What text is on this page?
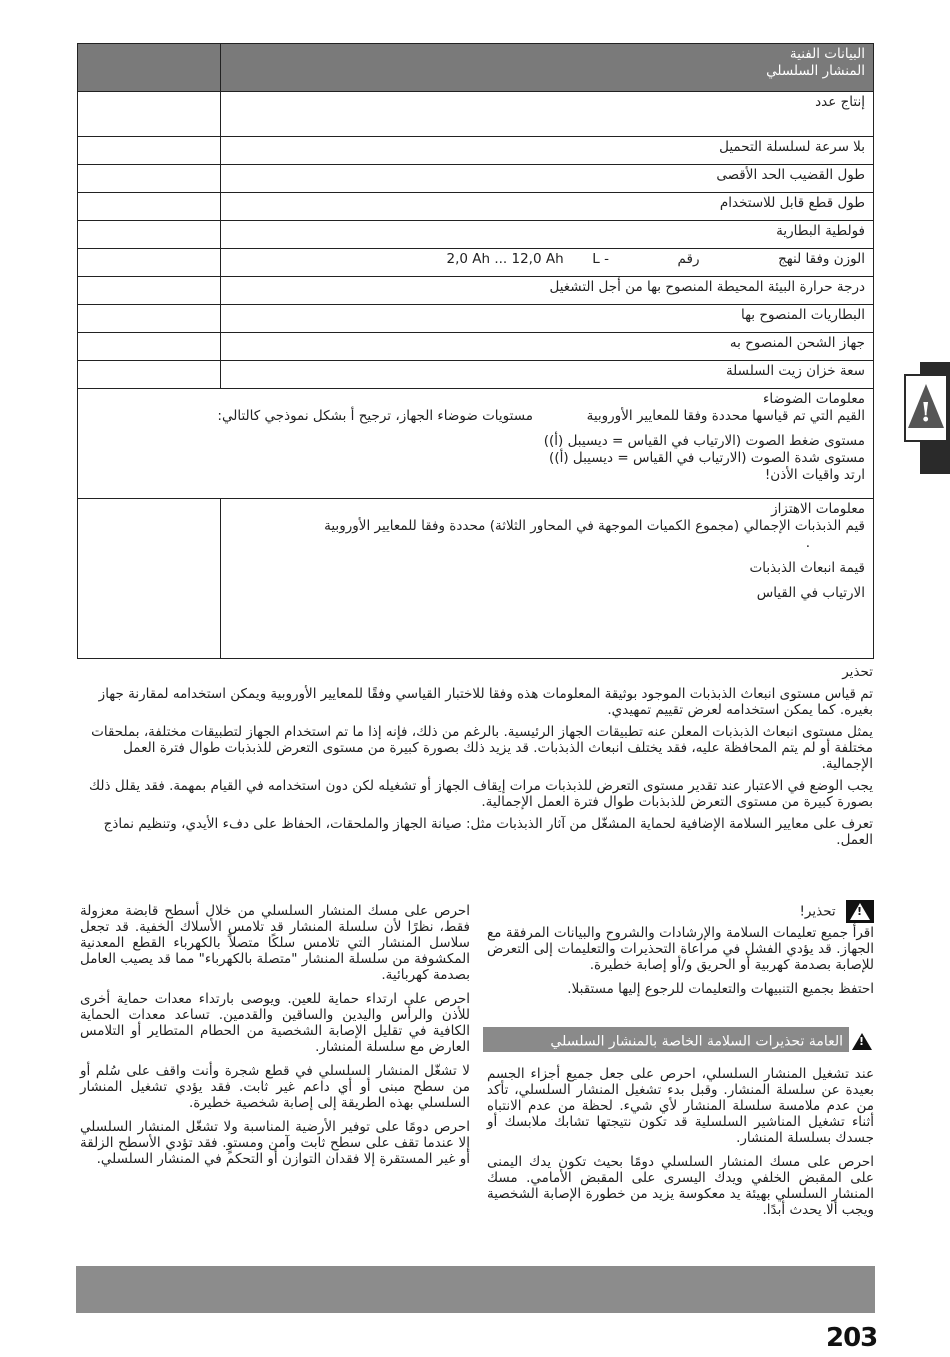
	البيانات الفنية
المنشار السلسلي

	إنتاج عدد
	بلا سرعة لسلسلة التحميل
	طول القضيب الحد الأقصى
	طول قطع قابل للاستخدام
	فولطية البطارية
	الوزن وفقا لنهج  رقم  2,0 Ah ... 12,0 Ah L -
	درجة حرارة البيئة المحيطة المنصوح بها من أجل التشغيل
	البطاريات المنصوح بها
	جهاز الشحن المنصوح به
	سعة خزان زيت السلسلة

معلومات الضوضاء
القيم التي تم قياسها محددة وفقا للمعايير الأوروبية  مستويات ضوضاء الجهاز، ترجيح أ بشكل نموذجي كالتالي:
مستوى ضغط الصوت (الارتياب في القياس = ديسيبل (أ))
مستوى شدة الصوت (الارتياب في القياس = ديسيبل (أ))
ارتد واقيات الأذن!	

	معلومات الاهتزاز
قيم الذبذبات الإجمالي (مجموع الكميات الموجهة في المحاور الثلاثة) محددة وفقا للمعايير الأوروبية
.
قيمة انبعاث الذبذبات
الارتياب في القياس
!

تحذير

تم قياس مستوى انبعاث الذبذبات الموجود بوثيقة المعلومات هذه وفقا للاختبار القياسي وفقًا للمعايير الأوروبية ويمكن استخدامه لمقارنة جهاز بغيره. كما يمكن استخدامه لعرض تقييم تمهيدي.

يمثل مستوى انبعاث الذبذبات المعلن عنه تطبيقات الجهاز الرئيسية. بالرغم من ذلك، فإنه إذا ما تم استخدام الجهاز لتطبيقات مختلفة، بملحقات مختلفة أو لم يتم المحافظة عليه، فقد يختلف انبعاث الذبذبات. قد يزيد ذلك بصورة كبيرة من مستوى التعرض للذبذبات طوال فترة العمل الإجمالية.

يجب الوضع في الاعتبار عند تقدير مستوى التعرض للذبذبات مرات إيقاف الجهاز أو تشغيله لكن دون استخدامه في القيام بمهمة. فقد يقلل ذلك بصورة كبيرة من مستوى التعرض للذبذبات طوال فترة العمل الإجمالية.

تعرف على معايير السلامة الإضافية لحماية المشغّل من آثار الذبذبات مثل: صيانة الجهاز والملحقات، الحفاظ على دفء الأيدي، وتنظيم نماذج العمل.

!
تحذير!

اقرأ جميع تعليمات السلامة والإرشادات والشروح والبيانات المرفقة مع الجهاز. قد يؤدي الفشل في مراعاة التحذيرات والتعليمات إلى التعرض للإصابة بصدمة كهربية أو الحريق و/أو إصابة خطيرة.

احتفظ بجميع التنبيهات والتعليمات للرجوع إليها مستقبلا.

!
العامة تحذيرات السلامة الخاصة بالمنشار السلسلي

عند تشغيل المنشار السلسلي، احرص على جعل جميع أجزاء الجسم بعيدة عن سلسلة المنشار. وقبل بدء تشغيل المنشار السلسلي، تأكد من عدم ملامسة سلسلة المنشار لأي شيء. لحظة من عدم الانتباه أثناء تشغيل المناشير السلسلية قد تكون نتيجتها تشابك ملابسك أو جسدك بسلسلة المنشار.

احرص على مسك المنشار السلسلي دومًا بحيث تكون يدك اليمنى على المقبض الخلفي ويدك اليسرى على المقبض الأمامي. مسك المنشار السلسلي بهيئة يد معكوسة يزيد من خطورة الإصابة الشخصية ويجب ألا يحدث أبدًا.

احرص على مسك المنشار السلسلي من خلال أسطح قابضة معزولة فقط، نظرًا لأن سلسلة المنشار قد تلامس الأسلاك الخفية. قد تجعل سلاسل المنشار التي تلامس سلكًا متصلاً بالكهرباء القطع المعدنية المكشوفة من سلسلة المنشار "متصلة بالكهرباء" مما قد يصيب العامل بصدمة كهربائية.

احرص على ارتداء حماية للعين. ويوصى بارتداء معدات حماية أخرى للأذن والرأس واليدين والساقين والقدمين. تساعد معدات الحماية الكافية في تقليل الإصابة الشخصية من الحطام المتطاير أو التلامس العارض مع سلسلة المنشار.

لا تشغّل المنشار السلسلي في قطع شجرة وأنت واقف على سُلم أو من سطح مبنى أو أي داعم غير ثابت. فقد يؤدي تشغيل المنشار السلسلي بهذه الطريقة إلى إصابة شخصية خطيرة.

احرص دومًا على توفير الأرضية المناسبة ولا تشغّل المنشار السلسلي إلا عندما تقف على سطح ثابت وآمن ومستوٍ. فقد تؤدي الأسطح الزلقة أو غير المستقرة إلا فقدان التوازن أو التحكم في المنشار السلسلي.

203
